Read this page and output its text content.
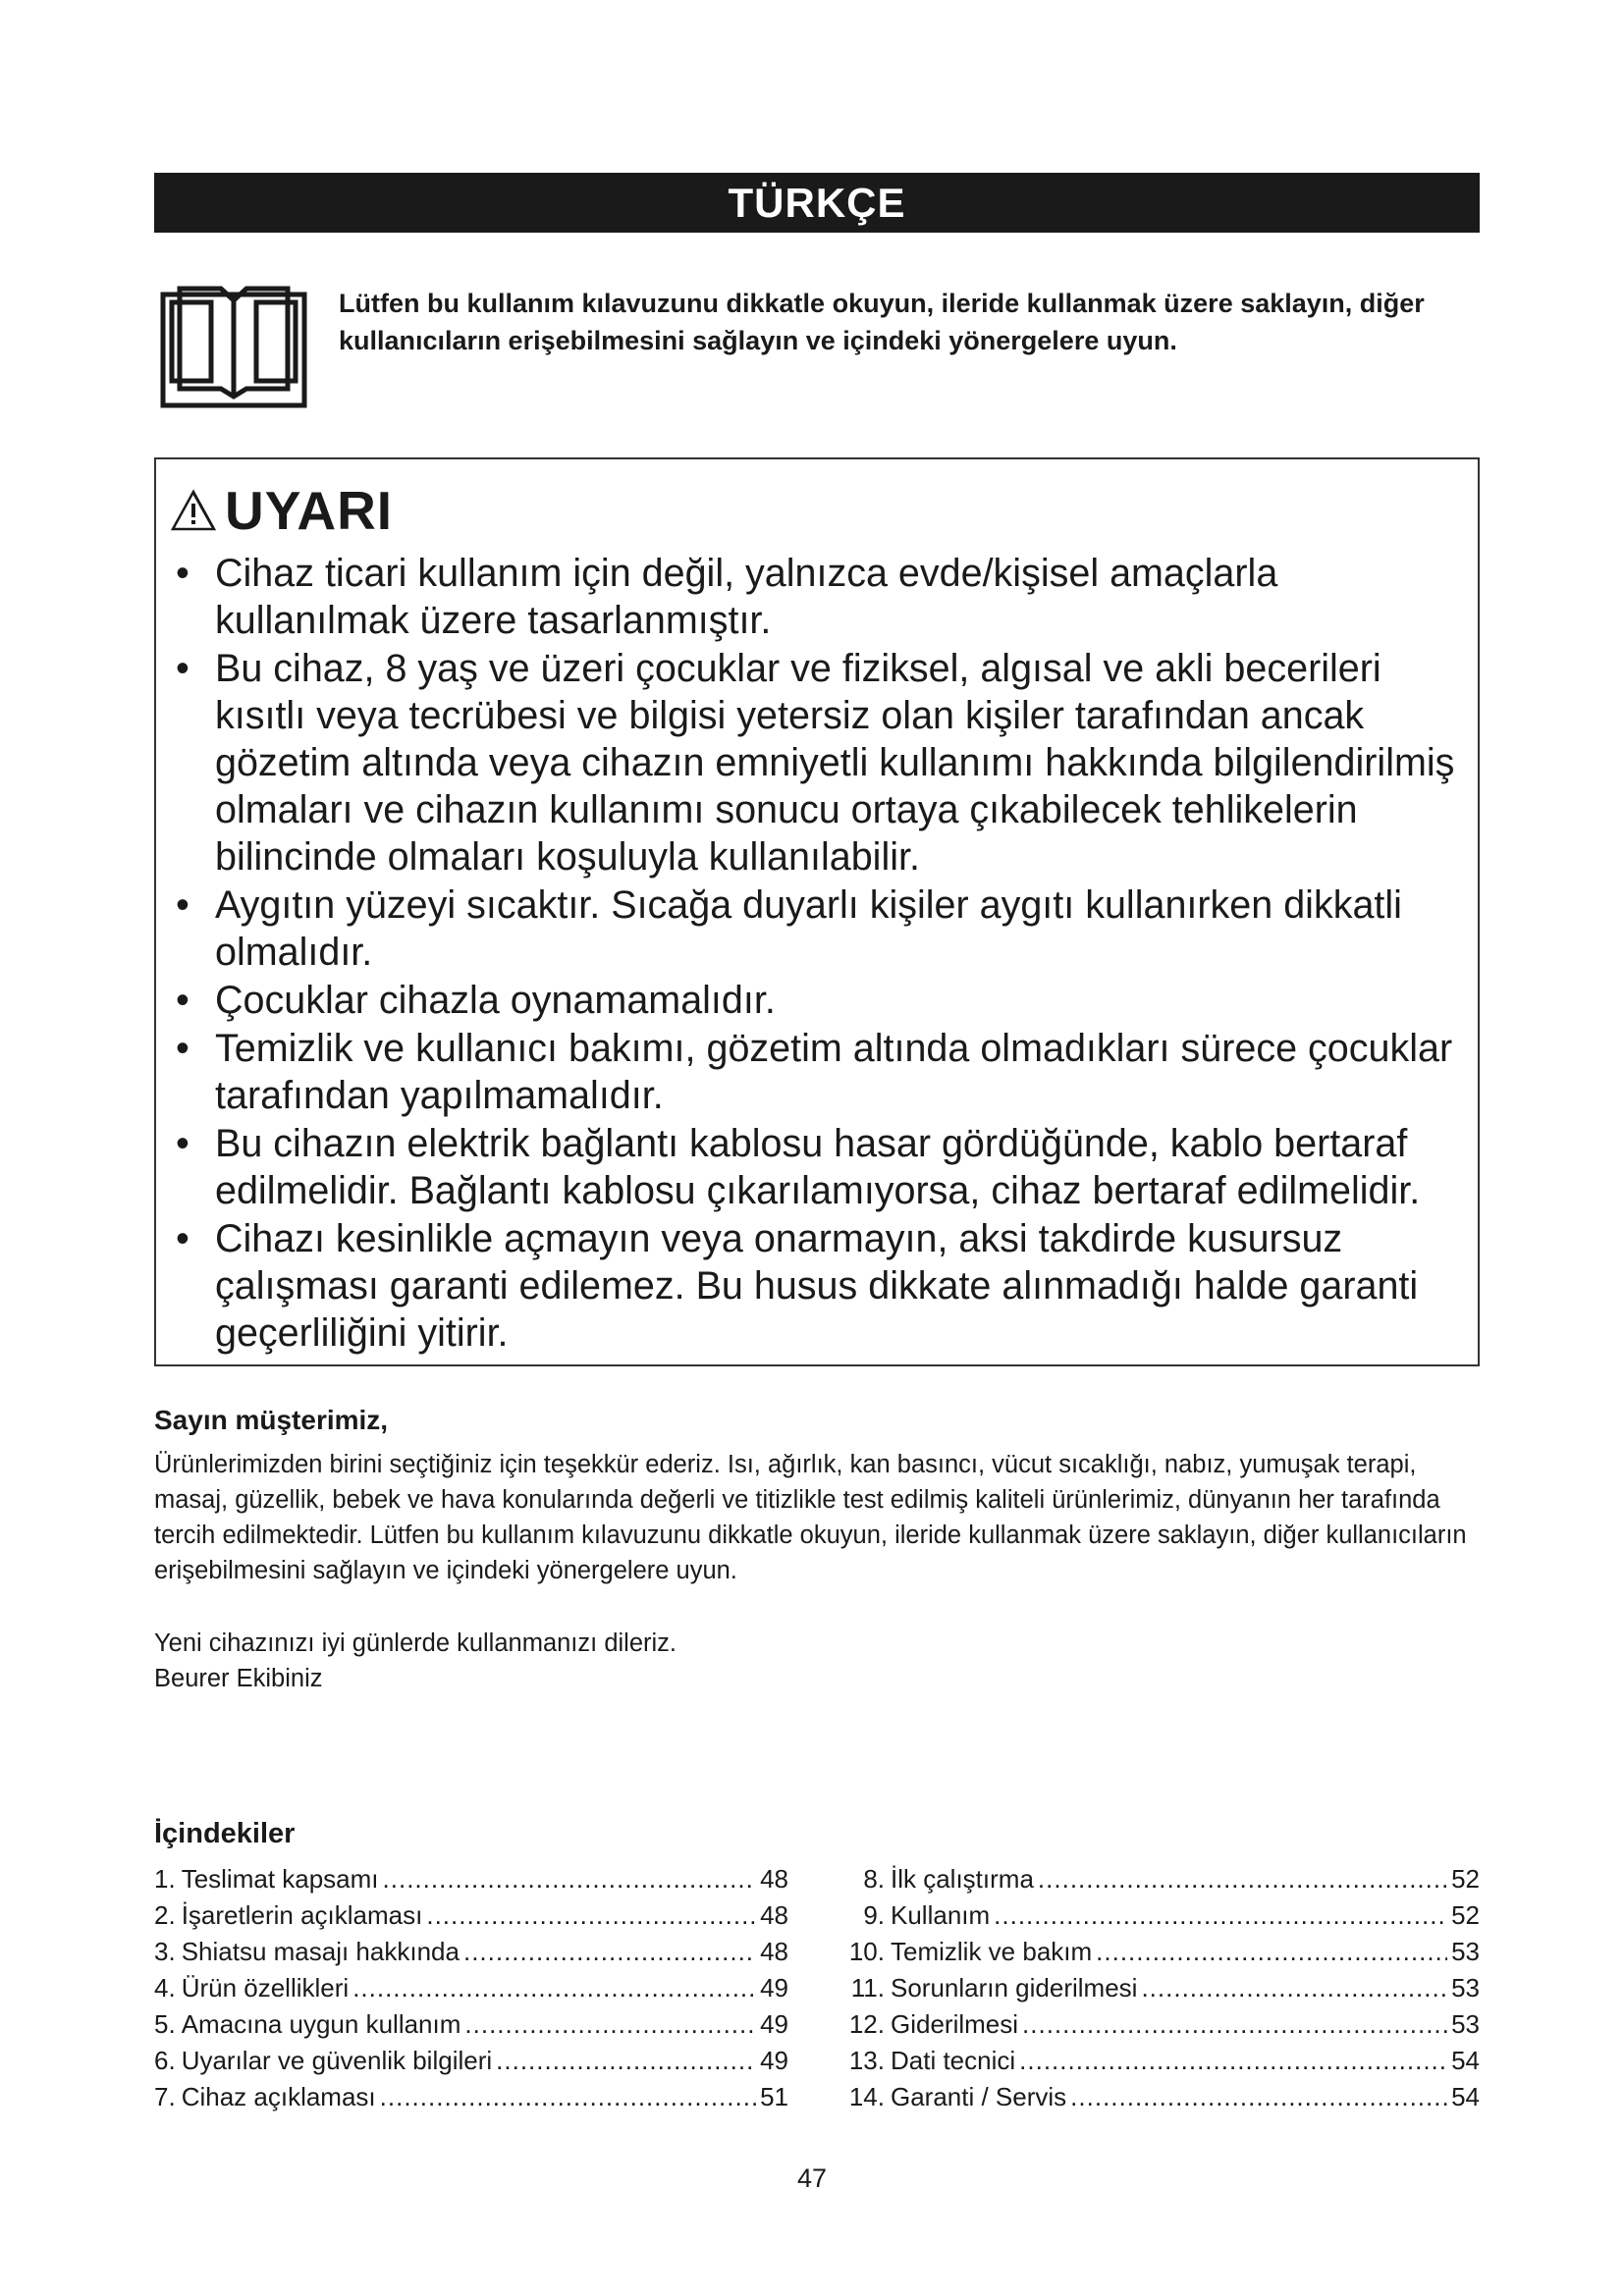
TÜRKÇE
Lütfen bu kullanım kılavuzunu dikkatle okuyun, ileride kullanmak üzere saklayın, diğer kullanıcıların erişebilmesini sağlayın ve içindeki yönergelere uyun.
UYARI
• Cihaz ticari kullanım için değil, yalnızca evde/kişisel amaçlarla kullanılmak üzere tasarlanmıştır.
• Bu cihaz, 8 yaş ve üzeri çocuklar ve fiziksel, algısal ve akli becerileri kısıtlı veya tecrübesi ve bilgisi yetersiz olan kişiler tarafından ancak gözetim altında veya cihazın emniyetli kullanımı hakkında bilgilendirilmiş olmaları ve cihazın kullanımı sonucu ortaya çıkabilecek tehlikelerin bilincinde olmaları koşuluyla kullanılabilir.
• Aygıtın yüzeyi sıcaktır. Sıcağa duyarlı kişiler aygıtı kullanırken dikkatli olmalıdır.
• Çocuklar cihazla oynamamalıdır.
• Temizlik ve kullanıcı bakımı, gözetim altında olmadıkları sürece çocuklar tarafından yapılmamalıdır.
• Bu cihazın elektrik bağlantı kablosu hasar gördüğünde, kablo bertaraf edilmelidir. Bağlantı kablosu çıkarılamıyorsa, cihaz bertaraf edilmelidir.
• Cihazı kesinlikle açmayın veya onarmayın, aksi takdirde kusursuz çalışması garanti edilemez. Bu husus dikkate alınmadığı halde garanti geçerliliğini yitirir.
Sayın müşterimiz,
Ürünlerimizden birini seçtiğiniz için teşekkür ederiz. Isı, ağırlık, kan basıncı, vücut sıcaklığı, nabız, yumuşak terapi, masaj, güzellik, bebek ve hava konularında değerli ve titizlikle test edilmiş kaliteli ürünlerimiz, dünyanın her tarafında tercih edilmektedir. Lütfen bu kullanım kılavuzunu dikkatle okuyun, ileride kullanmak üzere saklayın, diğer kullanıcıların erişebilmesini sağlayın ve içindeki yönergelere uyun.
Yeni cihazınızı iyi günlerde kullanmanızı dileriz.
Beurer Ekibiniz
İçindekiler
1. Teslimat kapsamı .....	48
2. İşaretlerin açıklaması .....	48
3. Shiatsu masajı hakkında .....	48
4. Ürün özellikleri .....	49
5. Amacına uygun kullanım .....	49
6. Uyarılar ve güvenlik bilgileri .....	49
7. Cihaz açıklaması .....	51
8. İlk çalıştırma .....	52
9. Kullanım .....	52
10. Temizlik ve bakım .....	53
11. Sorunların giderilmesi .....	53
12. Giderilmesi .....	53
13. Dati tecnici .....	54
14. Garanti / Servis .....	54
47
